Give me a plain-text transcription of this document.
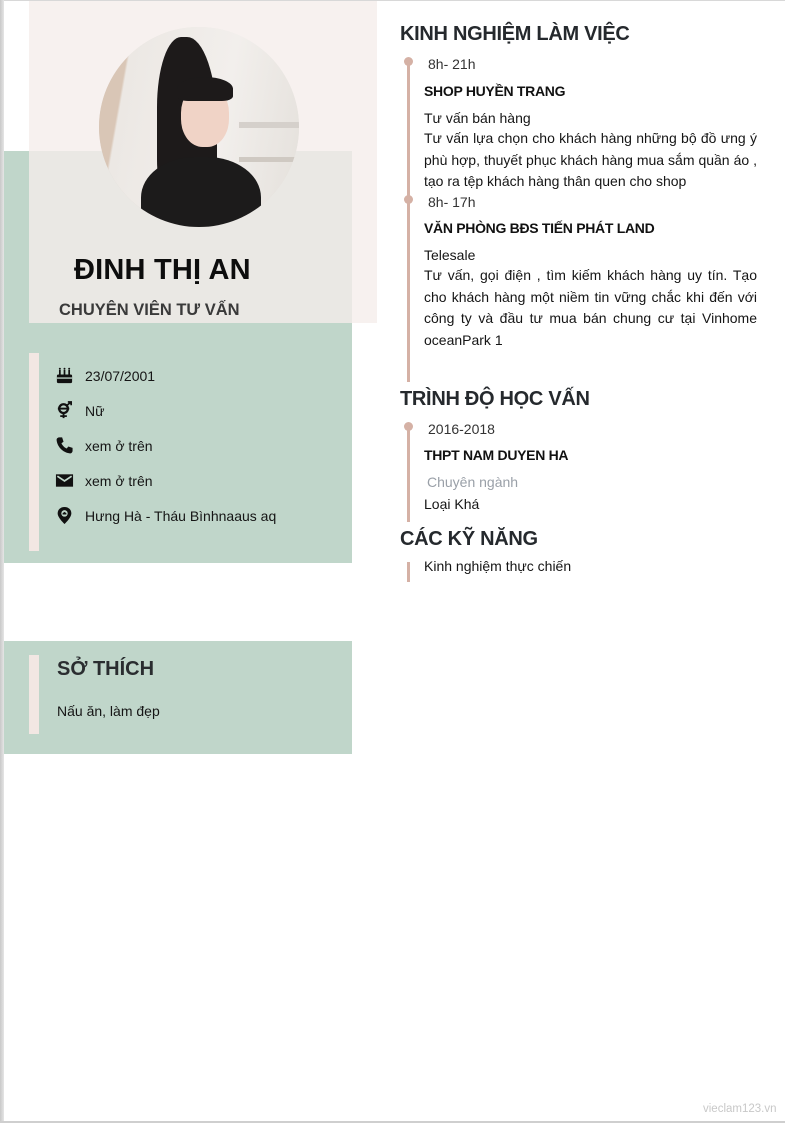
ĐINH THỊ AN
CHUYÊN VIÊN TƯ VẤN
23/07/2001
Nữ
xem ở trên
xem ở trên
Hưng Hà - Tháu Bìnhnaaus aq
SỞ THÍCH
Nấu ăn, làm đẹp
KINH NGHIỆM LÀM VIỆC
8h- 21h
SHOP HUYỀN TRANG
Tư vấn bán hàng
Tư vấn lựa chọn cho khách hàng những bộ đồ ưng ý phù hợp, thuyết phục khách hàng mua sắm quần áo , tạo ra tệp khách hàng thân quen cho shop
8h- 17h
VĂN PHÒNG BĐS TIẾN PHÁT LAND
Telesale
Tư vấn, gọi điện , tìm kiếm khách hàng uy tín. Tạo cho khách hàng một niềm tin vững chắc khi đến với công ty và đầu tư mua bán chung cư tại Vinhome oceanPark 1
TRÌNH ĐỘ HỌC VẤN
2016-2018
THPT NAM DUYEN HA
Chuyên ngành
Loại Khá
CÁC KỸ NĂNG
Kinh nghiệm thực chiến
vieclam123.vn
